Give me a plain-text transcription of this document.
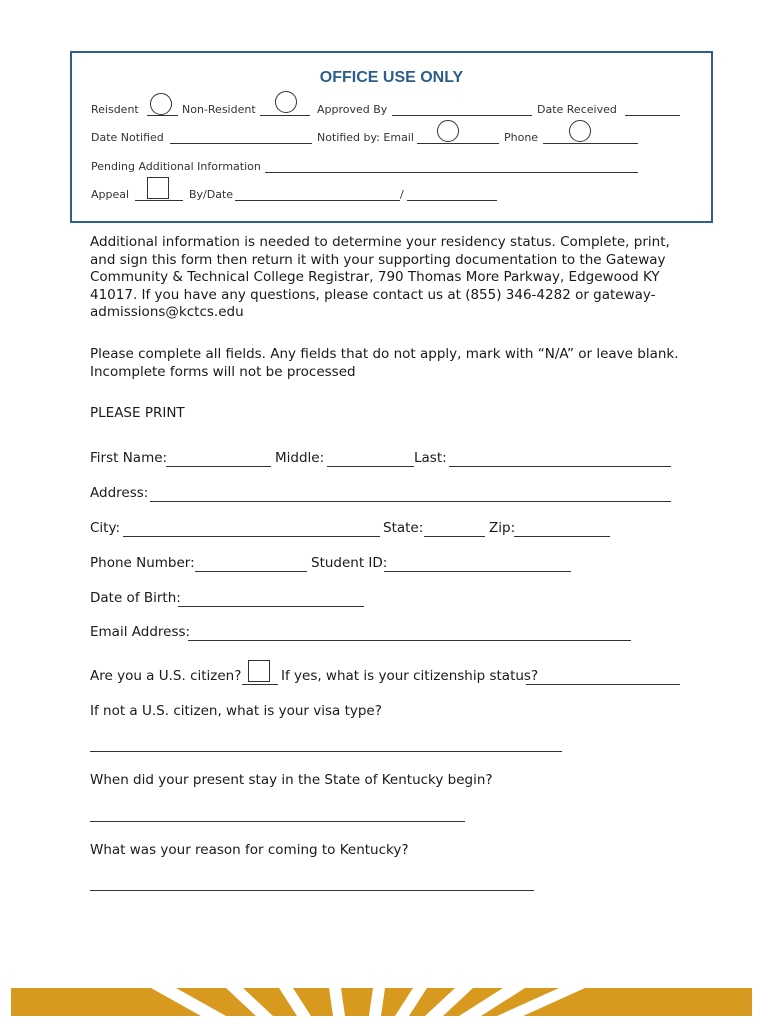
OFFICE USE ONLY
Reisdent	Non-Resident	Approved By	Date Received
Date Notified	Notified by: Email	Phone
Pending Additional Information
Appeal	By/Date	/
Additional information is needed to determine your residency status. Complete, print, and sign this form then return it with your supporting documentation to the Gateway Community & Technical College Registrar, 790 Thomas More Parkway, Edgewood KY 41017. If you have any questions, please contact us at (855) 346-4282 or gateway-admissions@kctcs.edu
Please complete all fields. Any fields that do not apply, mark with “N/A” or leave blank. Incomplete forms will not be processed
PLEASE PRINT
First Name:	Middle:	Last:
Address:
City:	State:	Zip:
Phone Number:	Student ID:
Date of Birth:
Email Address:
Are you a U.S. citizen?	If yes, what is your citizenship status?
If not a U.S. citizen, what is your visa type?
When did your present stay in the State of Kentucky begin?
What was your reason for coming to Kentucky?
